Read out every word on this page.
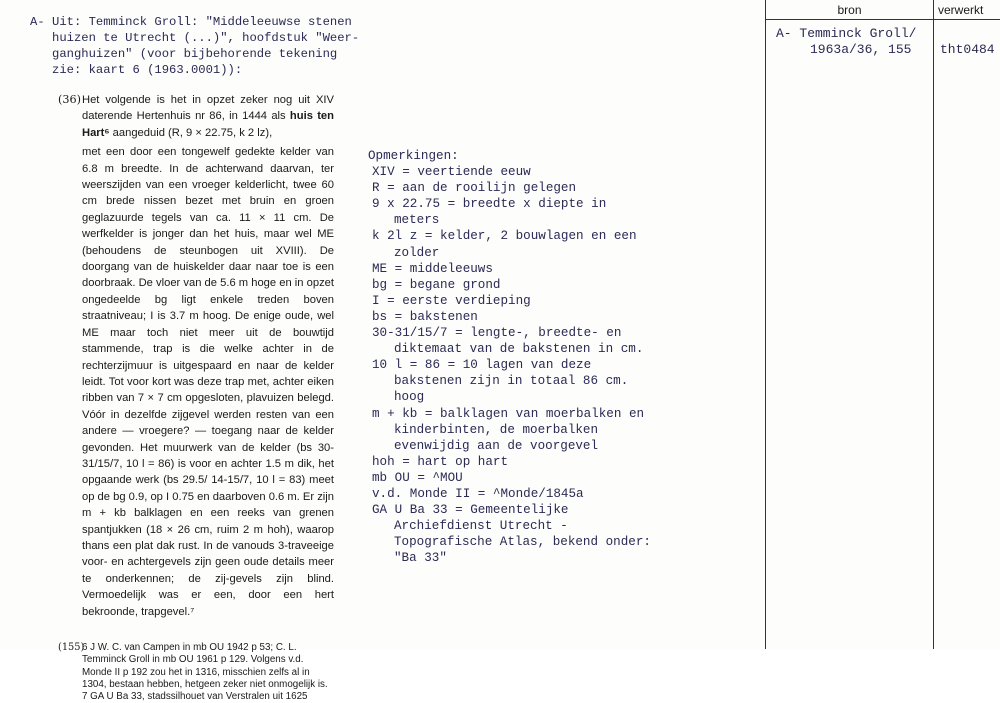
A- Uit: Temminck Groll: "Middeleeuwse stenen huizen te Utrecht (...)", hoofdstuk "Weer-ganghuizen" (voor bijbehorende tekening zie: kaart 6 (1963.0001)):
(36) Het volgende is het in opzet zeker nog uit XIV daterende Hertenhuis nr 86, in 1444 als huis ten Hart⁶ aangeduid (R, 9 × 22.75, k 2 lz),
met een door een tongewelf gedekte kelder van 6.8 m breedte. In de achterwand daarvan, ter weerszijden van een vroeger kelderlicht, twee 60 cm brede nissen bezet met bruin en groen geglazuurde tegels van ca. 11 × 11 cm. De werfkelder is jonger dan het huis, maar wel ME (behoudens de steunbogen uit XVIII). De doorgang van de huiskelder daar naar toe is een doorbraak. De vloer van de 5.6 m hoge en in opzet ongedeelde bg ligt enkele treden boven straatniveau; I is 3.7 m hoog. De enige oude, wel ME maar toch niet meer uit de bouwtijd stammende, trap is die welke achter in de rechterzijmuur is uitgespaard en naar de kelder leidt. Tot voor kort was deze trap met, achter eiken ribben van 7 × 7 cm opgesloten, plavuizen belegd. Vóór in dezelfde zijgevel werden resten van een andere — vroegere? — toegang naar de kelder gevonden. Het muurwerk van de kelder (bs 30-31/15/7, 10 l = 86) is voor en achter 1.5 m dik, het opgaande werk (bs 29.5/ 14-15/7, 10 l = 83) meet op de bg 0.9, op I 0.75 en daarboven 0.6 m. Er zijn m + kb balklagen en een reeks van grenen spantjukken (18 × 26 cm, ruim 2 m hoh), waarop thans een plat dak rust. In de vanouds 3-traveeige voor- en achtergevels zijn geen oude details meer te onderkennen; de zij-gevels zijn blind. Vermoedelijk was er een, door een hert bekroonde, trapgevel.⁷
(155)
6 J W. C. van Campen in mb OU 1942 p 53; C. L. Temminck Groll in mb OU 1961 p 129. Volgens v.d. Monde II p 192 zou het in 1316, misschien zelfs al in 1304, bestaan hebben, hetgeen zeker niet onmogelijk is.
7 GA U Ba 33, stadssilhouet van Verstralen uit 1625
Opmerkingen:
XIV = veertiende eeuw
R = aan de rooilijn gelegen
9 x 22.75 = breedte x diepte in meters
k 2l z = kelder, 2 bouwlagen en een zolder
ME = middeleeuws
bg = begane grond
I = eerste verdieping
bs = bakstenen
30-31/15/7 = lengte-, breedte- en diktemaat van de bakstenen in cm.
10 l = 86 = 10 lagen van deze bakstenen zijn in totaal 86 cm. hoog
m + kb = balklagen van moerbalken en kinderbinten, de moerbalken evenwijdig aan de voorgevel
hoh = hart op hart
mb OU = ^MOU
v.d. Monde II = ^Monde/1845a
GA U Ba 33 = Gemeentelijke Archiefdienst Utrecht - Topografische Atlas, bekend onder: "Ba 33"
bron	verwerkt
A- Temminck Groll/
1963a/36, 155	tht0484
